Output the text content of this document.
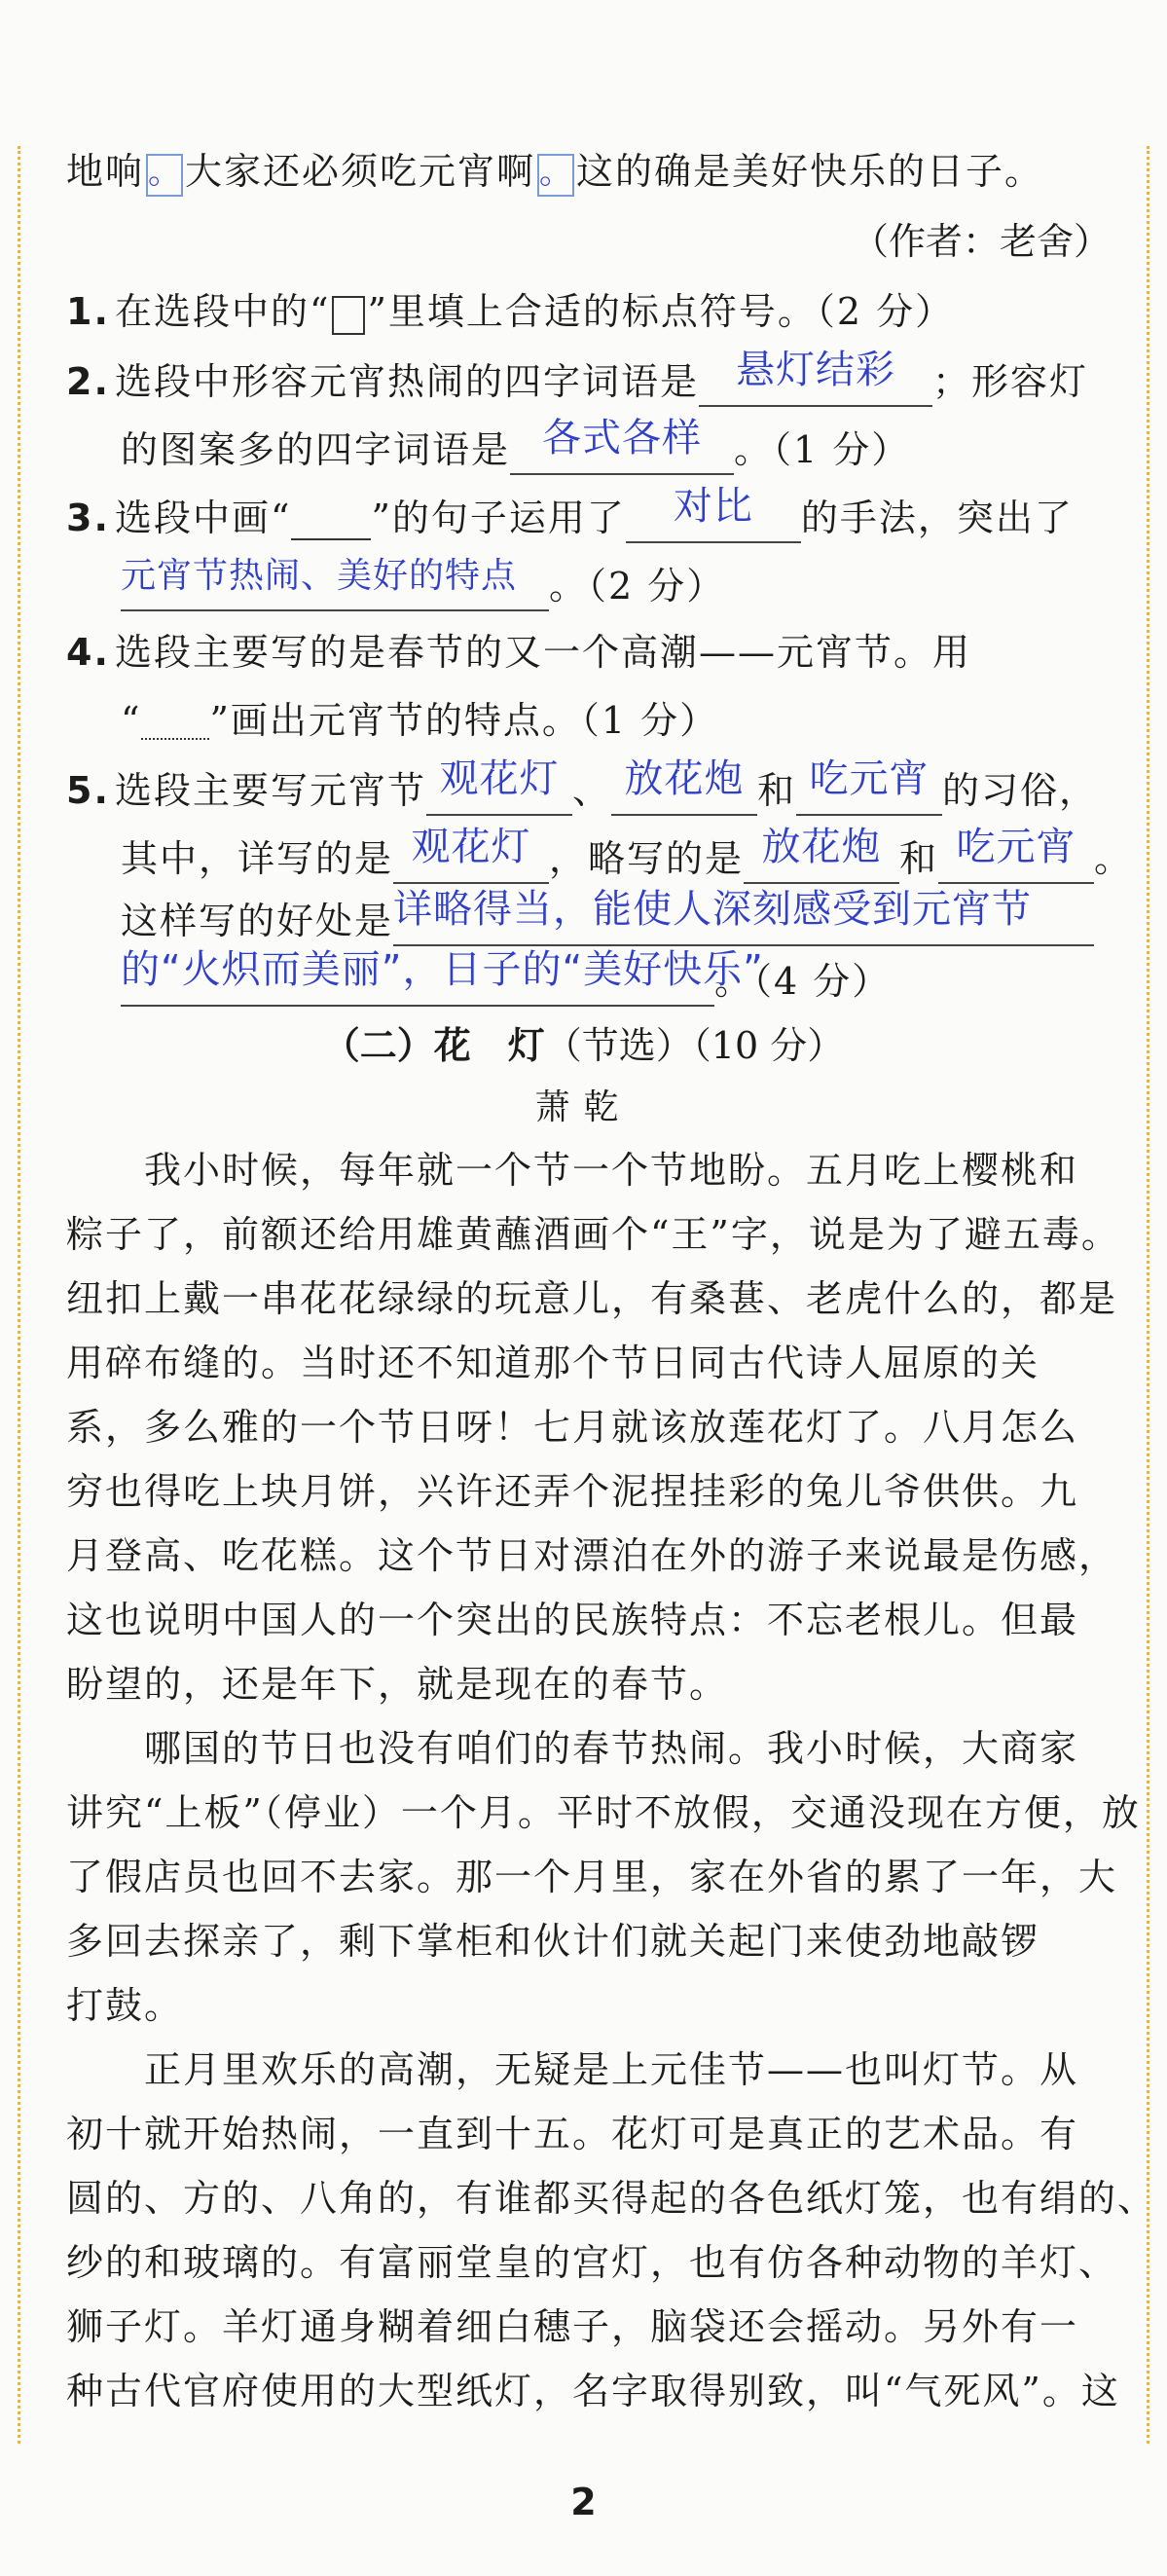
地响 。大家还必须吃元宵啊 。这的确是美好快乐的日子。
（作者：老舍）
1. 在选段中的“ ”里填上合适的标点符号。（2 分）
2. 选段中形容元宵热闹的四字词语是 悬灯结彩 ；形容灯
的图案多的四字词语是 各式各样 。（1 分）
3. 选段中画“ ”的句子运用了 对比 的手法，突出了
元宵节热闹、美好的特点 。（2 分）
4. 选段主要写的是春节的又一个高潮——元宵节。用
“ ”画出元宵节的特点。（1 分）
5. 选段主要写元宵节 观花灯 、 放花炮 和 吃元宵 的习俗，
其中，详写的是 观花灯 ，略写的是 放花炮 和 吃元宵 。
这样写的好处是详略得当，能使人深刻感受到元宵节
的“火炽而美丽”，日子的“美好快乐”。（4 分）
（二）花　灯（节选）（10 分）
萧乾
　　我小时候，每年就一个节一个节地盼。五月吃上樱桃和
粽子了，前额还给用雄黄蘸酒画个“王”字，说是为了避五毒。
纽扣上戴一串花花绿绿的玩意儿，有桑葚、老虎什么的，都是
用碎布缝的。当时还不知道那个节日同古代诗人屈原的关
系，多么雅的一个节日呀！七月就该放莲花灯了。八月怎么
穷也得吃上块月饼，兴许还弄个泥捏挂彩的兔儿爷供供。九
月登高、吃花糕。这个节日对漂泊在外的游子来说最是伤感，
这也说明中国人的一个突出的民族特点：不忘老根儿。但最
盼望的，还是年下，就是现在的春节。
　　哪国的节日也没有咱们的春节热闹。我小时候，大商家
讲究“上板”（停业）一个月。平时不放假，交通没现在方便，放
了假店员也回不去家。那一个月里，家在外省的累了一年，大
多回去探亲了，剩下掌柜和伙计们就关起门来使劲地敲锣
打鼓。
　　正月里欢乐的高潮，无疑是上元佳节——也叫灯节。从
初十就开始热闹，一直到十五。花灯可是真正的艺术品。有
圆的、方的、八角的，有谁都买得起的各色纸灯笼，也有绢的、
纱的和玻璃的。有富丽堂皇的宫灯，也有仿各种动物的羊灯、
狮子灯。羊灯通身糊着细白穗子，脑袋还会摇动。另外有一
种古代官府使用的大型纸灯，名字取得别致，叫“气死风”。这
2
